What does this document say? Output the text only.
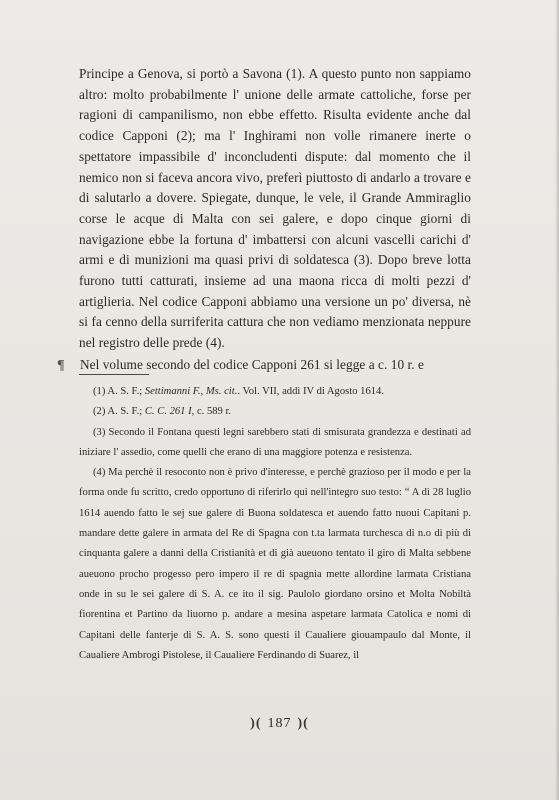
Principe a Genova, si portò a Savona (1). A questo punto non sappiamo altro: molto probabilmente l' unione delle armate cattoliche, forse per ragioni di campanilismo, non ebbe effetto. Risulta evidente anche dal codice Capponi (2); ma l' Inghirami non volle rimanere inerte o spettatore impassibile d' inconcludenti dispute: dal momento che il nemico non si faceva ancora vivo, preferì piuttosto di andarlo a trovare e di salutarlo a dovere. Spiegate, dunque, le vele, il Grande Ammiraglio corse le acque di Malta con sei galere, e dopo cinque giorni di navigazione ebbe la fortuna d' imbattersi con alcuni vascelli carichi d' armi e di munizioni ma quasi privi di soldatesca (3). Dopo breve lotta furono tutti catturati, insieme ad una maona ricca di molti pezzi d' artiglieria. Nel codice Capponi abbiamo una versione un po' diversa, nè si fa cenno della surriferita cattura che non vediamo menzionata neppure nel registro delle prede (4).

¶ Nel volume secondo del codice Capponi 261 si legge a c. 10 r. e

(1) A. S. F.; Settimanni F., Ms. cit.. Vol. VII, addì IV di Agosto 1614.

(2) A. S. F.; C. C. 261 I, c. 589 r.

(3) Secondo il Fontana questi legni sarebbero stati di smisurata grandezza e destinati ad iniziare l' assedio, come quelli che erano di una maggiore potenza e resistenza.

(4) Ma perchè il resoconto non è privo d'interesse, e perchè grazioso per il modo e per la forma onde fu scritto, credo opportuno di riferirlo qui nell'integro suo testo: “ A dì 28 luglio 1614 auendo fatto le sej sue galere di Buona soldatesca et auendo fatto nuoui Capitani p. mandare dette galere in armata del Re di Spagna con t.ta larmata turchesca di n.o di più di cinquanta galere a danni della Cristianità et di già aueuono tentato il giro di Malta sebbene aueuono procho progesso pero impero il re di spagnia mette allordine larmata Cristiana onde in su le sei galere di S. A. ce ito il sig. Paulolo giordano orsino et Molta Nobiltà fiorentina et Partino da liuorno p. andare a mesina aspetare larmata Catolica e nomi di Capitani delle fanterje di S. A. S. sono questi il Caualiere giouampaulo dal Monte, il Caualiere Ambrogi Pistolese, il Caualiere Ferdinando di Suarez, il

)( 187 )(
